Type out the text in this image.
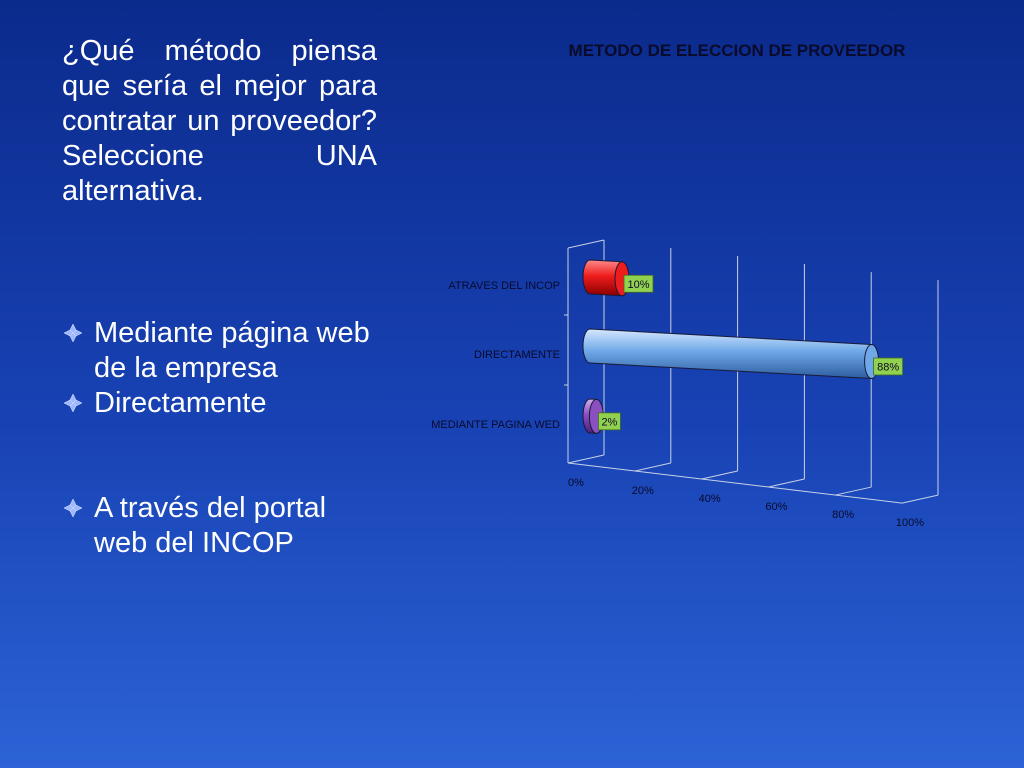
¿Qué método piensa que sería el mejor para contratar un proveedor? Seleccione UNA alternativa.

Mediante página web de la empresa
Directamente
A través del portal web del INCOP
METODO DE ELECCION DE PROVEEDOR
10%
88%
2%
ATRAVES DEL INCOP
DIRECTAMENTE
MEDIANTE PAGINA WED
0%
20%
40%
60%
80%
100%
